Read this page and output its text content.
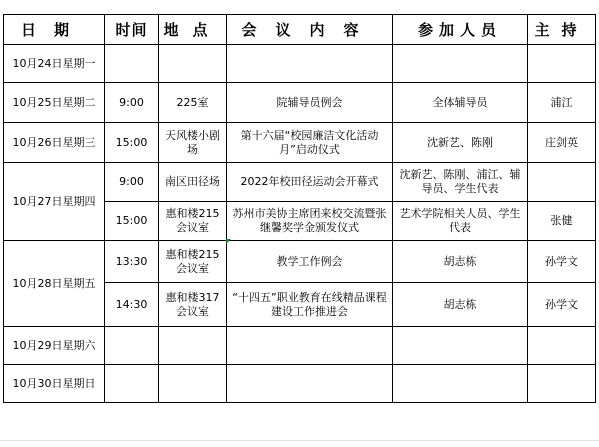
日期	时间	地点	会议内容	参加人员	主持
10月24日星期一					
10月25日星期二	9:00	225室	院辅导员例会	全体辅导员	浦江
10月26日星期三	15:00	天风楼小剧场	第十六届“校园廉洁文化活动月”启动仪式	沈新艺、陈刚	庄剑英
10月27日星期四	9:00	南区田径场	2022年校田径运动会开幕式	沈新艺、陈刚、浦江、辅导员、学生代表	
	15:00	惠和楼215会议室	苏州市美协主席团来校交流暨张继馨奖学金颁发仪式	艺术学院相关人员、学生代表	张健
10月28日星期五	13:30	惠和楼215会议室	教学工作例会	胡志栋	孙学文
	14:30	惠和楼317会议室	“十四五”职业教育在线精品课程建设工作推进会	胡志栋	孙学文
10月29日星期六					
10月30日星期日					
